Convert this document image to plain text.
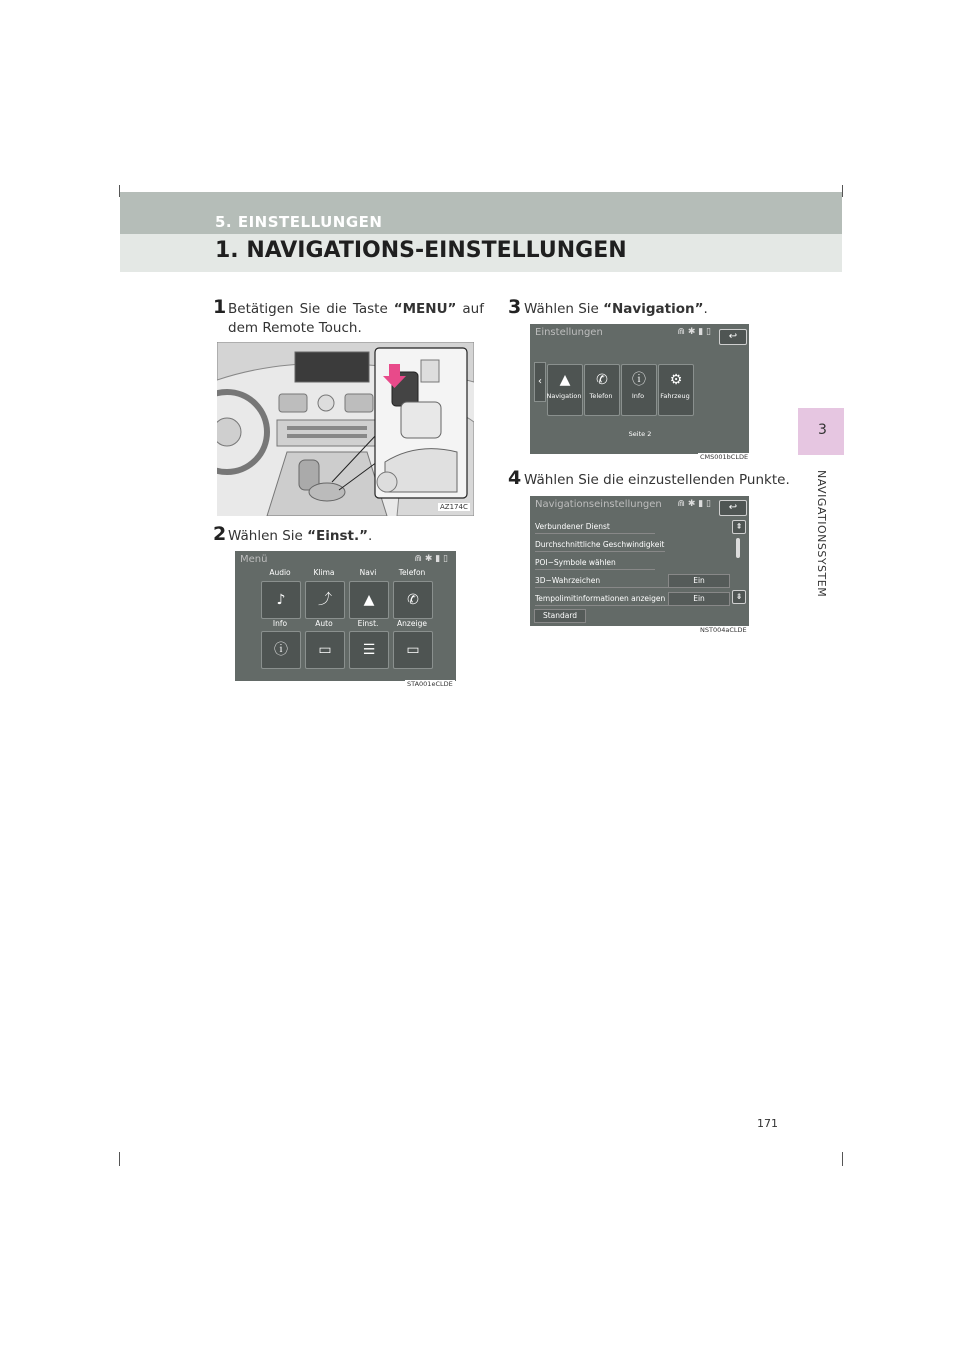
5. EINSTELLUNGEN
1. NAVIGATIONS-EINSTELLUNGEN
3
NAVIGATIONSSYSTEM
1 Betätigen Sie die Taste “MENU” auf dem Remote Touch.
AZ174C
2 Wählen Sie “Einst.”.
Menü	⋒ ✱ ▮ ▯
Audio	Klima	Navi	Telefon
♪	⤴	▲	✆
Info	Auto	Einst.	Anzeige
ⓘ	▭	☰	▭
STA001eCLDE
3 Wählen Sie “Navigation”.
Einstellungen	⋒ ✱ ▮ ▯	↩
‹	▲	✆	ⓘ	⚙
Navigation	Telefon	Info	Fahrzeug
Seite 2
CMS001bCLDE
4 Wählen Sie die einzustellenden Punkte.
Navigationseinstellungen ⋒ ✱ ▮ ▯	↩
Verbundener Dienst
Durchschnittliche Geschwindigkeit
POI−Symbole wählen
3D−Wahrzeichen	Ein
Tempolimitinformationen anzeigen	Ein
Standard
⇞
⇟
NST004aCLDE
171
